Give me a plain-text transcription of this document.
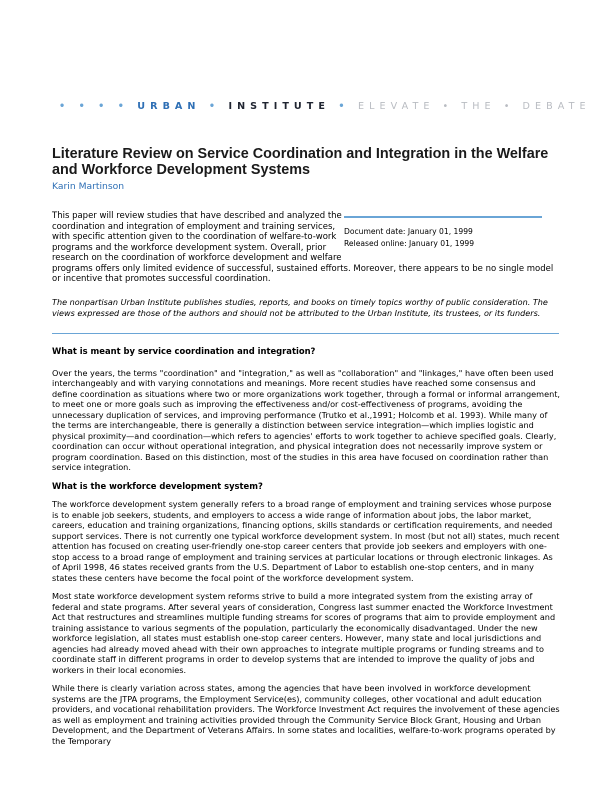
• • • • URBAN • INSTITUTE • ELEVATE • THE • DEBATE
Literature Review on Service Coordination and Integration in the Welfare and Workforce Development Systems
Karin Martinson
Document date: January 01, 1999
Released online: January 01, 1999
This paper will review studies that have described and analyzed the coordination and integration of employment and training services, with specific attention given to the coordination of welfare-to-work programs and the workforce development system. Overall, prior research on the coordination of workforce development and welfare programs offers only limited evidence of successful, sustained efforts. Moreover, there appears to be no single model or incentive that promotes successful coordination.

The nonpartisan Urban Institute publishes studies, reports, and books on timely topics worthy of public consideration. The views expressed are those of the authors and should not be attributed to the Urban Institute, its trustees, or its funders.

What is meant by service coordination and integration?

Over the years, the terms "coordination" and "integration," as well as "collaboration" and "linkages," have often been used interchangeably and with varying connotations and meanings. More recent studies have reached some consensus and define coordination as situations where two or more organizations work together, through a formal or informal arrangement, to meet one or more goals such as improving the effectiveness and/or cost-effectiveness of programs, avoiding the unnecessary duplication of services, and improving performance (Trutko et al.,1991; Holcomb et al. 1993). While many of the terms are interchangeable, there is generally a distinction between service integration—which implies logistic and physical proximity—and coordination—which refers to agencies' efforts to work together to achieve specified goals. Clearly, coordination can occur without operational integration, and physical integration does not necessarily improve system or program coordination. Based on this distinction, most of the studies in this area have focused on coordination rather than service integration.

What is the workforce development system?

The workforce development system generally refers to a broad range of employment and training services whose purpose is to enable job seekers, students, and employers to access a wide range of information about jobs, the labor market, careers, education and training organizations, financing options, skills standards or certification requirements, and needed support services. There is not currently one typical workforce development system. In most (but not all) states, much recent attention has focused on creating user-friendly one-stop career centers that provide job seekers and employers with one-stop access to a broad range of employment and training services at particular locations or through electronic linkages. As of April 1998, 46 states received grants from the U.S. Department of Labor to establish one-stop centers, and in many states these centers have become the focal point of the workforce development system.

Most state workforce development system reforms strive to build a more integrated system from the existing array of federal and state programs. After several years of consideration, Congress last summer enacted the Workforce Investment Act that restructures and streamlines multiple funding streams for scores of programs that aim to provide employment and training assistance to various segments of the population, particularly the economically disadvantaged. Under the new workforce legislation, all states must establish one-stop career centers. However, many state and local jurisdictions and agencies had already moved ahead with their own approaches to integrate multiple programs or funding streams and to coordinate staff in different programs in order to develop systems that are intended to improve the quality of jobs and workers in their local economies.

While there is clearly variation across states, among the agencies that have been involved in workforce development systems are the JTPA programs, the Employment Service(es), community colleges, other vocational and adult education providers, and vocational rehabilitation providers. The Workforce Investment Act requires the involvement of these agencies as well as employment and training activities provided through the Community Service Block Grant, Housing and Urban Development, and the Department of Veterans Affairs. In some states and localities, welfare-to-work programs operated by the Temporary
